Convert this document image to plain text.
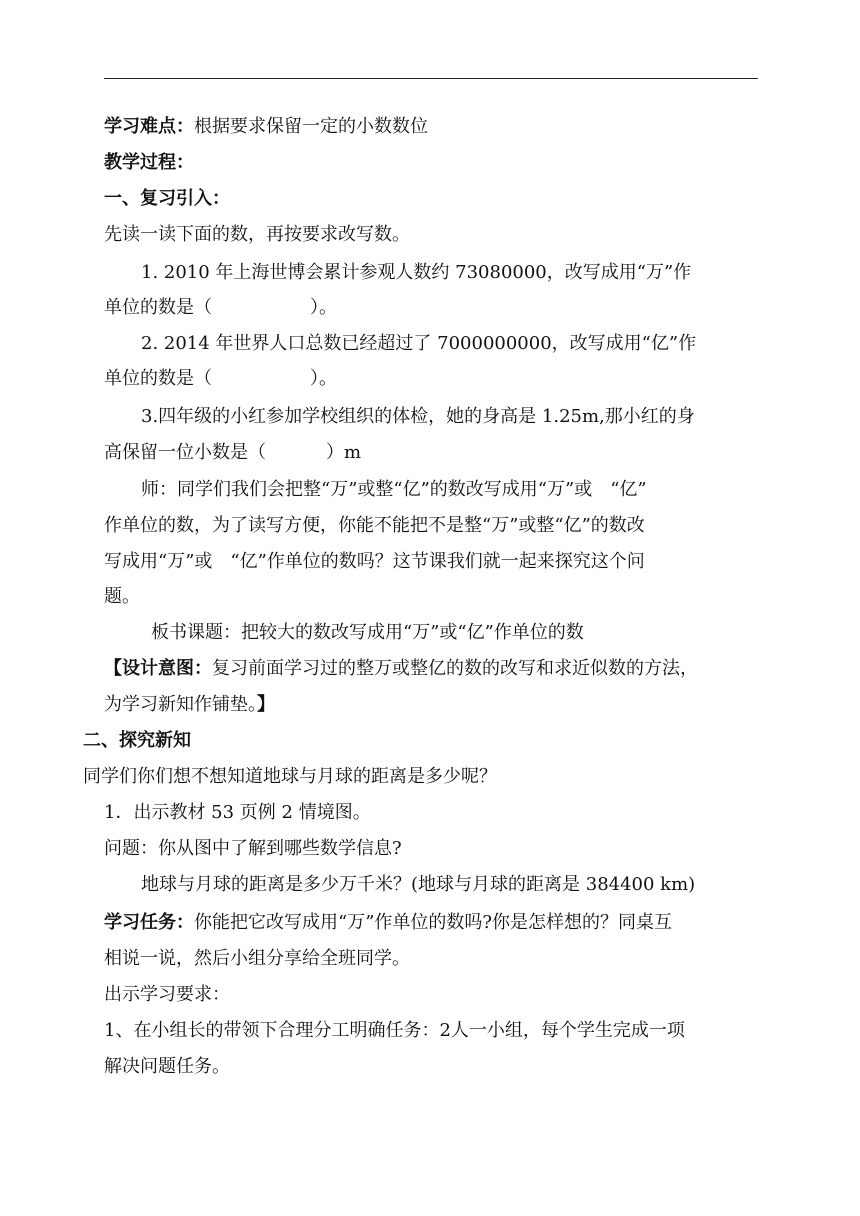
学习难点：根据要求保留一定的小数数位
教学过程：
一、复习引入：
先读一读下面的数，再按要求改写数。
1. 2010 年上海世博会累计参观人数约 73080000，改写成用“万”作
单位的数是（	）。
2. 2014 年世界人口总数已经超过了 7000000000，改写成用“亿”作
单位的数是（	）。
3.四年级的小红参加学校组织的体检，她的身高是 1.25m,那小红的身
高保留一位小数是（	）m
师：同学们我们会把整“万”或整“亿”的数改写成用“万”或　“亿”
作单位的数，为了读写方便，你能不能把不是整“万”或整“亿”的数改
写成用“万”或　“亿”作单位的数吗？这节课我们就一起来探究这个问
题。
板书课题：把较大的数改写成用“万”或“亿”作单位的数
【设计意图：复习前面学习过的整万或整亿的数的改写和求近似数的方法，
为学习新知作铺垫。】
二、探究新知
同学们你们想不想知道地球与月球的距离是多少呢？
1．出示教材 53 页例 2 情境图。
问题：你从图中了解到哪些数学信息?
地球与月球的距离是多少万千米？(地球与月球的距离是 384400 km)
学习任务：你能把它改写成用“万”作单位的数吗?你是怎样想的？同桌互
相说一说，然后小组分享给全班同学。
出示学习要求：
1、在小组长的带领下合理分工明确任务：2人一小组，每个学生完成一项
解决问题任务。
